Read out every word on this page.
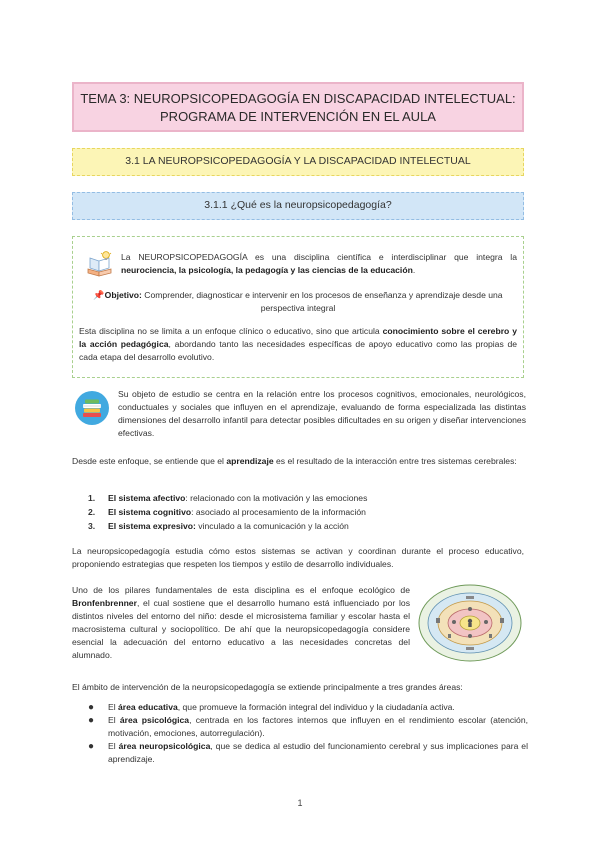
TEMA 3: NEUROPSICOPEDAGOGÍA EN DISCAPACIDAD INTELECTUAL:
PROGRAMA DE INTERVENCIÓN EN EL AULA
3.1 LA NEUROPSICOPEDAGOGÍA Y LA DISCAPACIDAD INTELECTUAL
3.1.1 ¿Qué es la neuropsicopedagogía?
La NEUROPSICOPEDAGOGÍA es una disciplina científica e interdisciplinar que integra la neurociencia, la psicología, la pedagogía y las ciencias de la educación.
📌Objetivo: Comprender, diagnosticar e intervenir en los procesos de enseñanza y aprendizaje desde una perspectiva integral
Esta disciplina no se limita a un enfoque clínico o educativo, sino que articula conocimiento sobre el cerebro y la acción pedagógica, abordando tanto las necesidades específicas de apoyo educativo como las propias de cada etapa del desarrollo evolutivo.
Su objeto de estudio se centra en la relación entre los procesos cognitivos, emocionales, neurológicos, conductuales y sociales que influyen en el aprendizaje, evaluando de forma especializada las distintas dimensiones del desarrollo infantil para detectar posibles dificultades en su origen y diseñar intervenciones efectivas.
Desde este enfoque, se entiende que el aprendizaje es el resultado de la interacción entre tres sistemas cerebrales:
1. El sistema afectivo: relacionado con la motivación y las emociones
2. El sistema cognitivo: asociado al procesamiento de la información
3. El sistema expresivo: vinculado a la comunicación y la acción
La neuropsicopedagogía estudia cómo estos sistemas se activan y coordinan durante el proceso educativo, proponiendo estrategias que respeten los tiempos y estilo de desarrollo individuales.
Uno de los pilares fundamentales de esta disciplina es el enfoque ecológico de Bronfenbrenner, el cual sostiene que el desarrollo humano está influenciado por los distintos niveles del entorno del niño: desde el microsistema familiar y escolar hasta el macrosistema cultural y sociopolítico. De ahí que la neuropsicopedagogía considere esencial la adecuación del entorno educativo a las necesidades concretas del alumnado.
El ámbito de intervención de la neuropsicopedagogía se extiende principalmente a tres grandes áreas:
● El área educativa, que promueve la formación integral del individuo y la ciudadanía activa.
● El área psicológica, centrada en los factores internos que influyen en el rendimiento escolar (atención, motivación, emociones, autorregulación).
● El área neuropsicológica, que se dedica al estudio del funcionamiento cerebral y sus implicaciones para el aprendizaje.
1
